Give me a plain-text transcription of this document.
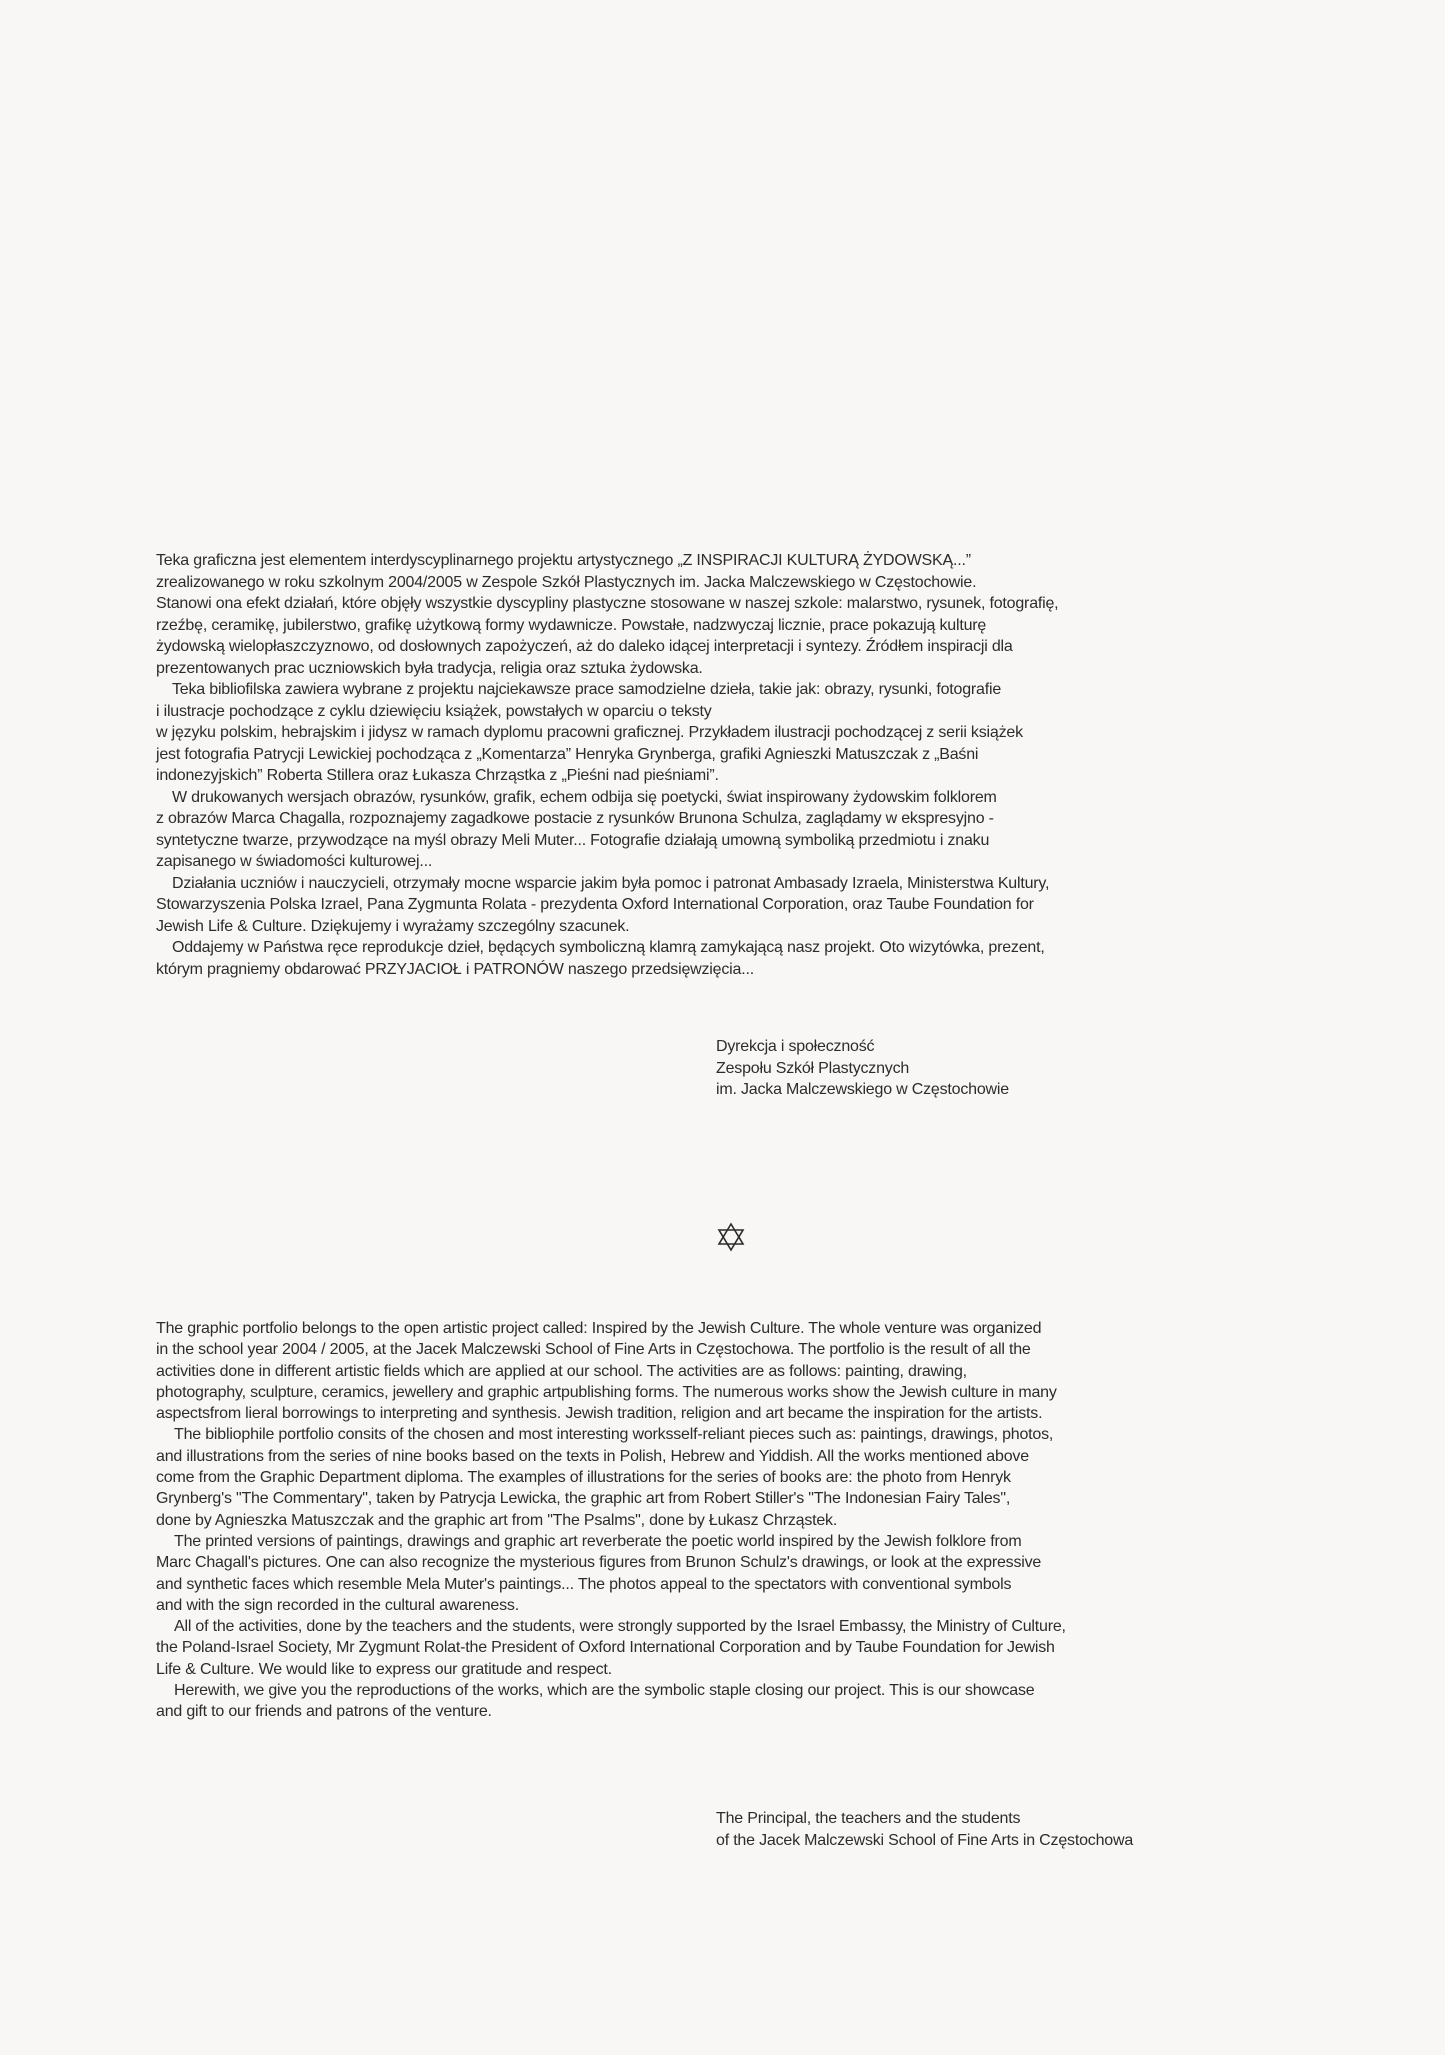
Teka graficzna jest elementem interdyscyplinarnego projektu artystycznego „Z INSPIRACJI KULTURĄ ŻYDOWSKĄ...”

zrealizowanego w roku szkolnym 2004/2005 w Zespole Szkół Plastycznych im. Jacka Malczewskiego w Częstochowie.

Stanowi ona efekt działań, które objęły wszystkie dyscypliny plastyczne stosowane w naszej szkole: malarstwo, rysunek, fotografię,

rzeźbę, ceramikę, jubilerstwo, grafikę użytkową formy wydawnicze. Powstałe, nadzwyczaj licznie, prace pokazują kulturę

żydowską wielopłaszczyznowo, od dosłownych zapożyczeń, aż do daleko idącej interpretacji i syntezy. Źródłem inspiracji dla

prezentowanych prac uczniowskich była tradycja, religia oraz sztuka żydowska.

Teka bibliofilska zawiera wybrane z projektu najciekawsze prace samodzielne dzieła, takie jak: obrazy, rysunki, fotografie

i ilustracje pochodzące z cyklu dziewięciu książek, powstałych w oparciu o teksty

w języku polskim, hebrajskim i jidysz w ramach dyplomu pracowni graficznej. Przykładem ilustracji pochodzącej z serii książek

jest fotografia Patrycji Lewickiej pochodząca z „Komentarza” Henryka Grynberga, grafiki Agnieszki Matuszczak z „Baśni

indonezyjskich” Roberta Stillera oraz Łukasza Chrząstka z „Pieśni nad pieśniami”.

W drukowanych wersjach obrazów, rysunków, grafik, echem odbija się poetycki, świat inspirowany żydowskim folklorem

z obrazów Marca Chagalla, rozpoznajemy zagadkowe postacie z rysunków Brunona Schulza, zaglądamy w ekspresyjno -

syntetyczne twarze, przywodzące na myśl obrazy Meli Muter... Fotografie działają umowną symboliką przedmiotu i znaku

zapisanego w świadomości kulturowej...

Działania uczniów i nauczycieli, otrzymały mocne wsparcie jakim była pomoc i patronat Ambasady Izraela, Ministerstwa Kultury,

Stowarzyszenia Polska Izrael, Pana Zygmunta Rolata - prezydenta Oxford International Corporation, oraz Taube Foundation for

Jewish Life & Culture. Dziękujemy i wyrażamy szczególny szacunek.

Oddajemy w Państwa ręce reprodukcje dzieł, będących symboliczną klamrą zamykającą nasz projekt. Oto wizytówka, prezent,

którym pragniemy obdarować PRZYJACIOŁ i PATRONÓW naszego przedsięwzięcia...

Dyrekcja i społeczność

Zespołu Szkół Plastycznych

im. Jacka Malczewskiego w Częstochowie

The graphic portfolio belongs to the open artistic project called: Inspired by the Jewish Culture. The whole venture was organized

in the school year 2004 / 2005, at the Jacek Malczewski School of Fine Arts in Częstochowa. The portfolio is the result of all the

activities done in different artistic fields which are applied at our school. The activities are as follows: painting, drawing,

photography, sculpture, ceramics, jewellery and graphic artpublishing forms. The numerous works show the Jewish culture in many

aspectsfrom lieral borrowings to interpreting and synthesis. Jewish tradition, religion and art became the inspiration for the artists.

The bibliophile portfolio consits of the chosen and most interesting worksself-reliant pieces such as: paintings, drawings, photos,

and illustrations from the series of nine books based on the texts in Polish, Hebrew and Yiddish. All the works mentioned above

come from the Graphic Department diploma. The examples of illustrations for the series of books are: the photo from Henryk

Grynberg's "The Commentary", taken by Patrycja Lewicka, the graphic art from Robert Stiller's "The Indonesian Fairy Tales",

done by Agnieszka Matuszczak and the graphic art from "The Psalms", done by Łukasz Chrząstek.

The printed versions of paintings, drawings and graphic art reverberate the poetic world inspired by the Jewish folklore from

Marc Chagall's pictures. One can also recognize the mysterious figures from Brunon Schulz's drawings, or look at the expressive

and synthetic faces which resemble Mela Muter's paintings... The photos appeal to the spectators with conventional symbols

and with the sign recorded in the cultural awareness.

All of the activities, done by the teachers and the students, were strongly supported by the Israel Embassy, the Ministry of Culture,

the Poland-Israel Society, Mr Zygmunt Rolat-the President of Oxford International Corporation and by Taube Foundation for Jewish

Life & Culture. We would like to express our gratitude and respect.

Herewith, we give you the reproductions of the works, which are the symbolic staple closing our project. This is our showcase

and gift to our friends and patrons of the venture.

The Principal, the teachers and the students

of the Jacek Malczewski School of Fine Arts in Częstochowa
